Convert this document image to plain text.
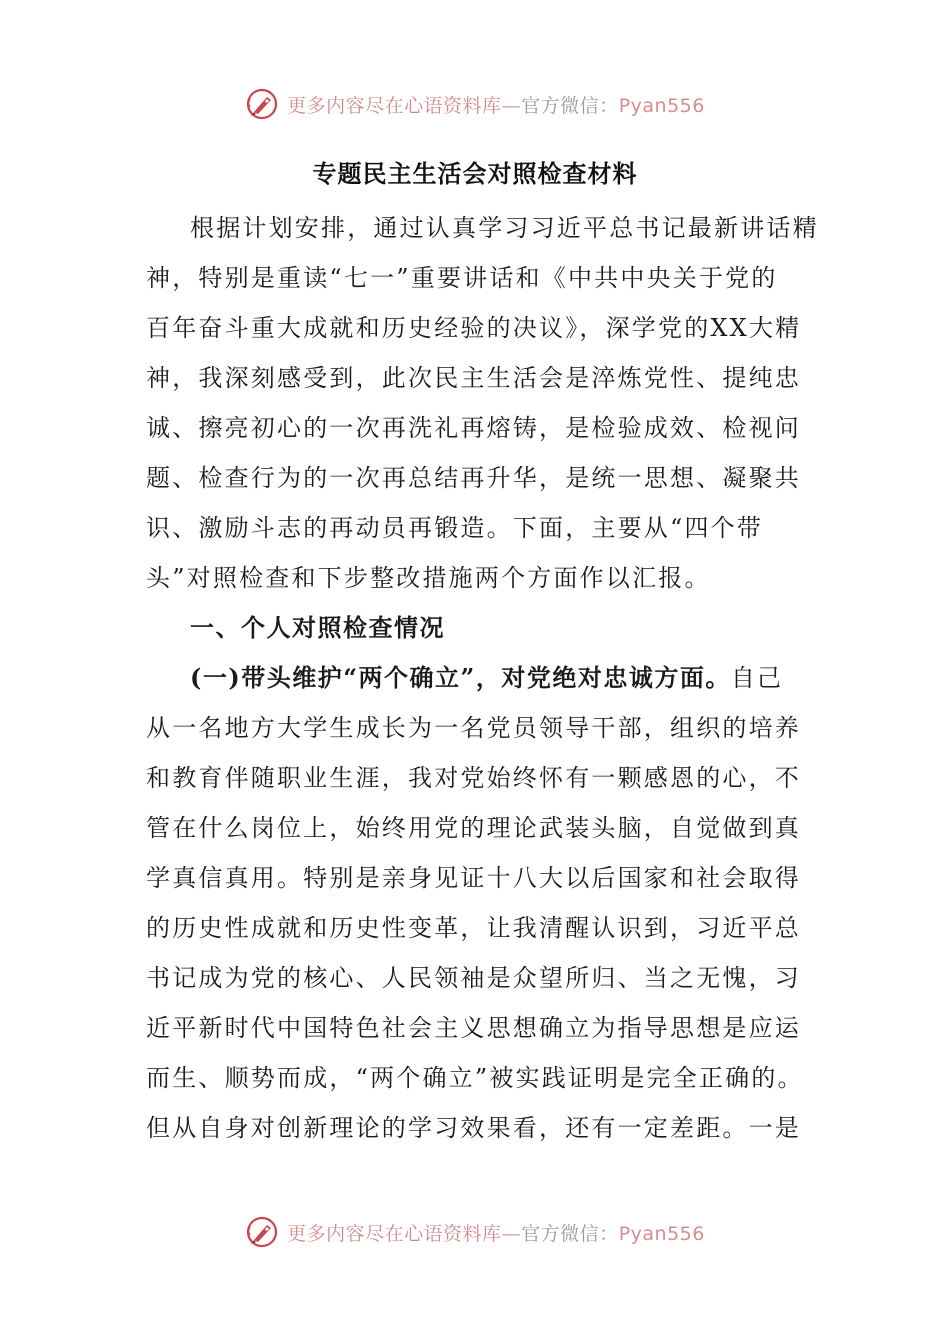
更多内容尽在心语资料库—官方微信：Pyan556
专题民主生活会对照检查材料
根据计划安排，通过认真学习习近平总书记最新讲话精
神，特别是重读“七一”重要讲话和《中共中央关于党的
百年奋斗重大成就和历史经验的决议》，深学党的XX大精
神，我深刻感受到，此次民主生活会是淬炼党性、提纯忠
诚、擦亮初心的一次再洗礼再熔铸，是检验成效、检视问
题、检查行为的一次再总结再升华，是统一思想、凝聚共
识、激励斗志的再动员再锻造。下面，主要从“四个带
头”对照检查和下步整改措施两个方面作以汇报。
一、个人对照检查情况
(一)带头维护“两个确立”，对党绝对忠诚方面。自己
从一名地方大学生成长为一名党员领导干部，组织的培养
和教育伴随职业生涯，我对党始终怀有一颗感恩的心，不
管在什么岗位上，始终用党的理论武装头脑，自觉做到真
学真信真用。特别是亲身见证十八大以后国家和社会取得
的历史性成就和历史性变革，让我清醒认识到，习近平总
书记成为党的核心、人民领袖是众望所归、当之无愧，习
近平新时代中国特色社会主义思想确立为指导思想是应运
而生、顺势而成，“两个确立”被实践证明是完全正确的。
但从自身对创新理论的学习效果看，还有一定差距。一是
更多内容尽在心语资料库—官方微信：Pyan556
